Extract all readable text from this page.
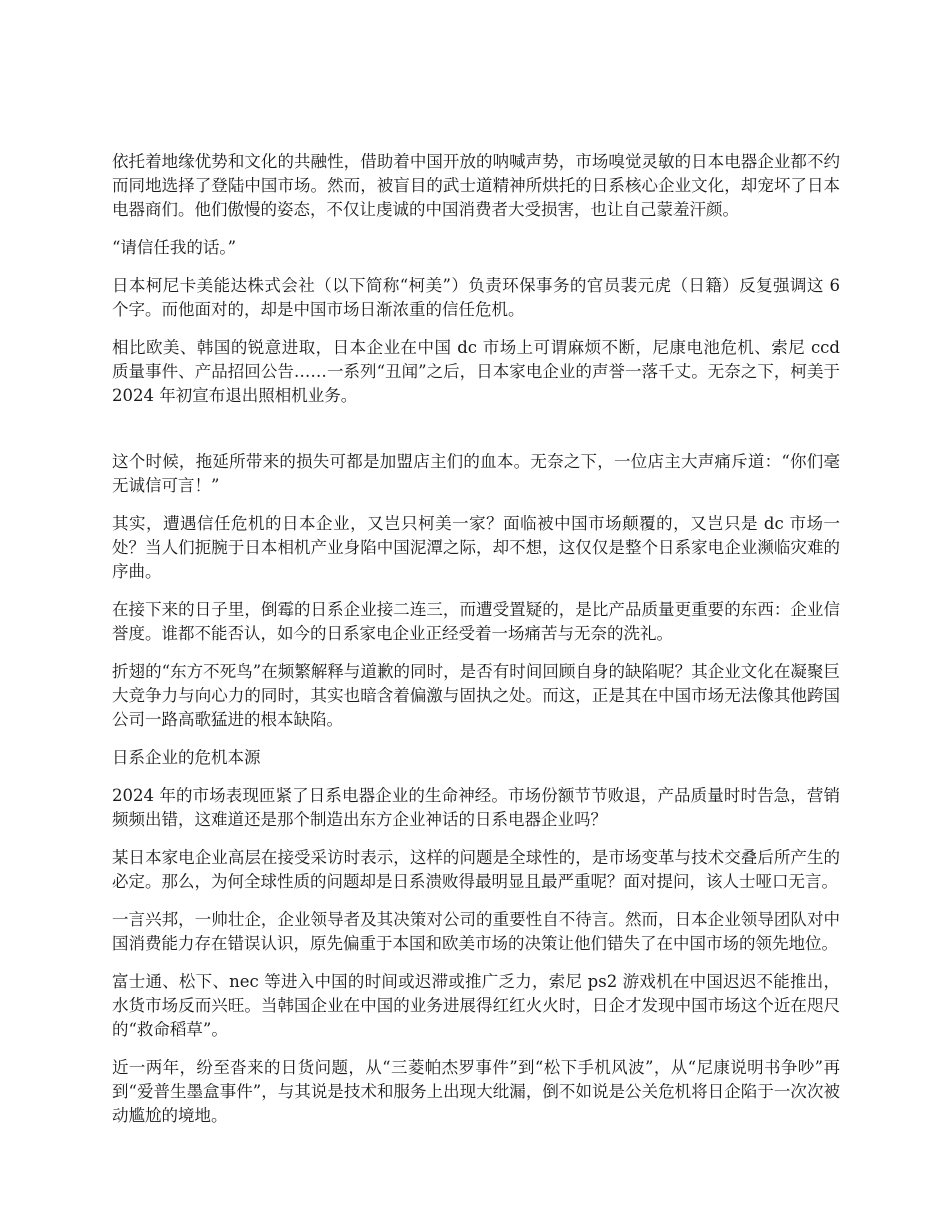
依托着地缘优势和文化的共融性，借助着中国开放的呐喊声势，市场嗅觉灵敏的日本电器企业都不约而同地选择了登陆中国市场。然而，被盲目的武士道精神所烘托的日系核心企业文化，却宠坏了日本电器商们。他们傲慢的姿态，不仅让虔诚的中国消费者大受损害，也让自己蒙羞汗颜。

“请信任我的话。”

日本柯尼卡美能达株式会社（以下简称“柯美”）负责环保事务的官员裴元虎（日籍）反复强调这 6 个字。而他面对的，却是中国市场日渐浓重的信任危机。

相比欧美、韩国的锐意进取，日本企业在中国 dc 市场上可谓麻烦不断，尼康电池危机、索尼 ccd 质量事件、产品招回公告……一系列“丑闻”之后，日本家电企业的声誉一落千丈。无奈之下，柯美于 2024 年初宣布退出照相机业务。

这个时候，拖延所带来的损失可都是加盟店主们的血本。无奈之下，一位店主大声痛斥道：“你们毫无诚信可言！”

其实，遭遇信任危机的日本企业，又岂只柯美一家？面临被中国市场颠覆的，又岂只是 dc 市场一处？当人们扼腕于日本相机产业身陷中国泥潭之际，却不想，这仅仅是整个日系家电企业濒临灾难的序曲。

在接下来的日子里，倒霉的日系企业接二连三，而遭受置疑的，是比产品质量更重要的东西：企业信誉度。谁都不能否认，如今的日系家电企业正经受着一场痛苦与无奈的洗礼。

折翅的“东方不死鸟”在频繁解释与道歉的同时，是否有时间回顾自身的缺陷呢？其企业文化在凝聚巨大竞争力与向心力的同时，其实也暗含着偏激与固执之处。而这，正是其在中国市场无法像其他跨国公司一路高歌猛进的根本缺陷。

日系企业的危机本源

2024 年的市场表现匝紧了日系电器企业的生命神经。市场份额节节败退，产品质量时时告急，营销频频出错，这难道还是那个制造出东方企业神话的日系电器企业吗？

某日本家电企业高层在接受采访时表示，这样的问题是全球性的，是市场变革与技术交叠后所产生的必定。那么，为何全球性质的问题却是日系溃败得最明显且最严重呢？面对提问，该人士哑口无言。

一言兴邦，一帅壮企，企业领导者及其决策对公司的重要性自不待言。然而，日本企业领导团队对中国消费能力存在错误认识，原先偏重于本国和欧美市场的决策让他们错失了在中国市场的领先地位。

富士通、松下、nec 等进入中国的时间或迟滞或推广乏力，索尼 ps2 游戏机在中国迟迟不能推出，水货市场反而兴旺。当韩国企业在中国的业务进展得红红火火时，日企才发现中国市场这个近在咫尺的“救命稻草”。

近一两年，纷至沓来的日货问题，从“三菱帕杰罗事件”到“松下手机风波”，从“尼康说明书争吵”再到“爱普生墨盒事件”，与其说是技术和服务上出现大纰漏，倒不如说是公关危机将日企陷于一次次被动尴尬的境地。
